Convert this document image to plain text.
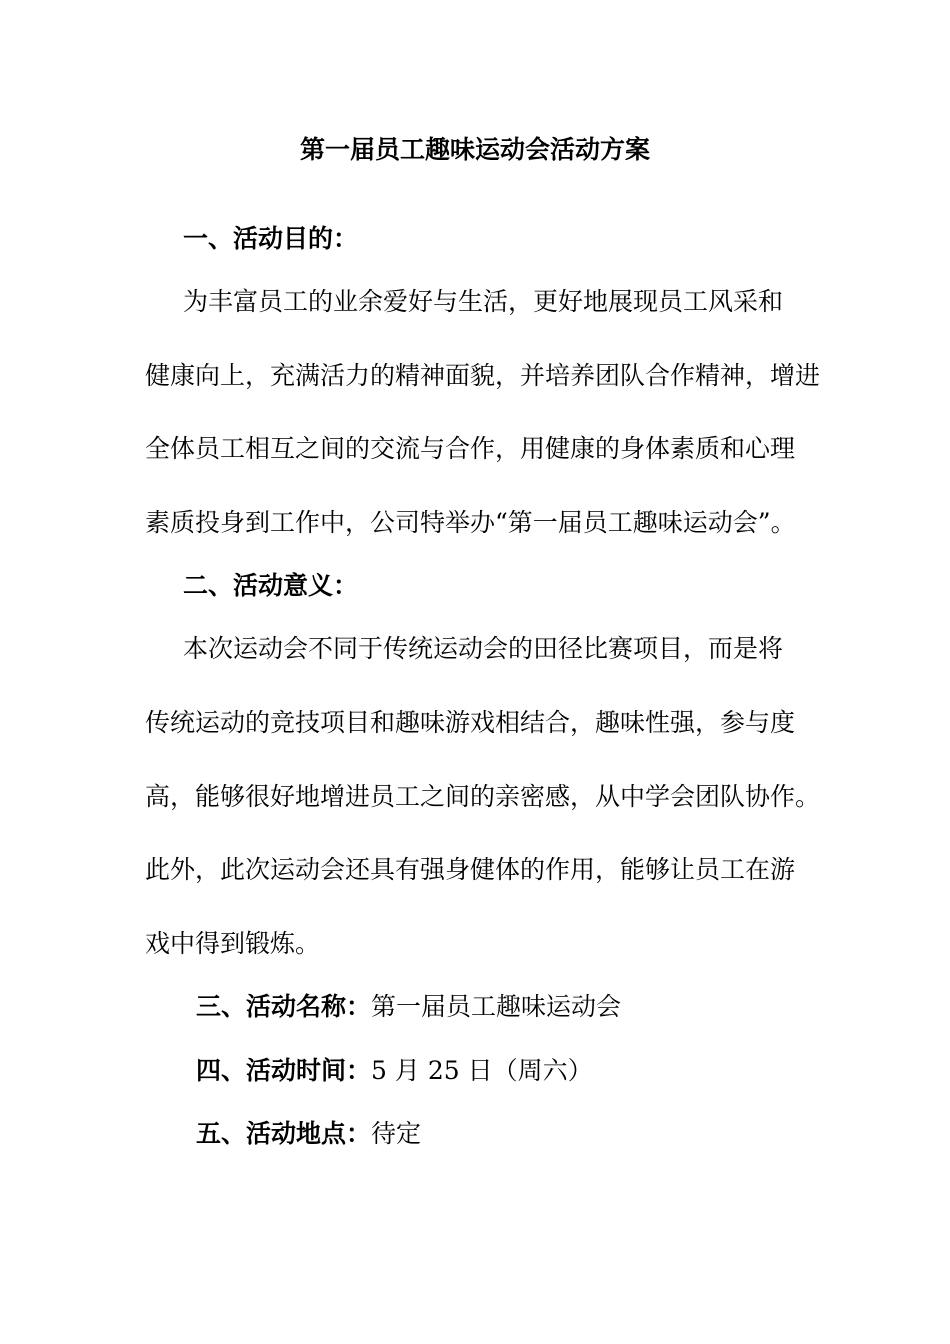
第一届员工趣味运动会活动方案
一、活动目的：
为丰富员工的业余爱好与生活，更好地展现员工风采和
健康向上，充满活力的精神面貌，并培养团队合作精神，增进
全体员工相互之间的交流与合作，用健康的身体素质和心理
素质投身到工作中，公司特举办“第一届员工趣味运动会”。
二、活动意义：
本次运动会不同于传统运动会的田径比赛项目，而是将
传统运动的竞技项目和趣味游戏相结合，趣味性强，参与度
高，能够很好地增进员工之间的亲密感，从中学会团队协作。
此外，此次运动会还具有强身健体的作用，能够让员工在游
戏中得到锻炼。
三、活动名称：第一届员工趣味运动会
四、活动时间：5 月 25 日（周六）
五、活动地点：待定
